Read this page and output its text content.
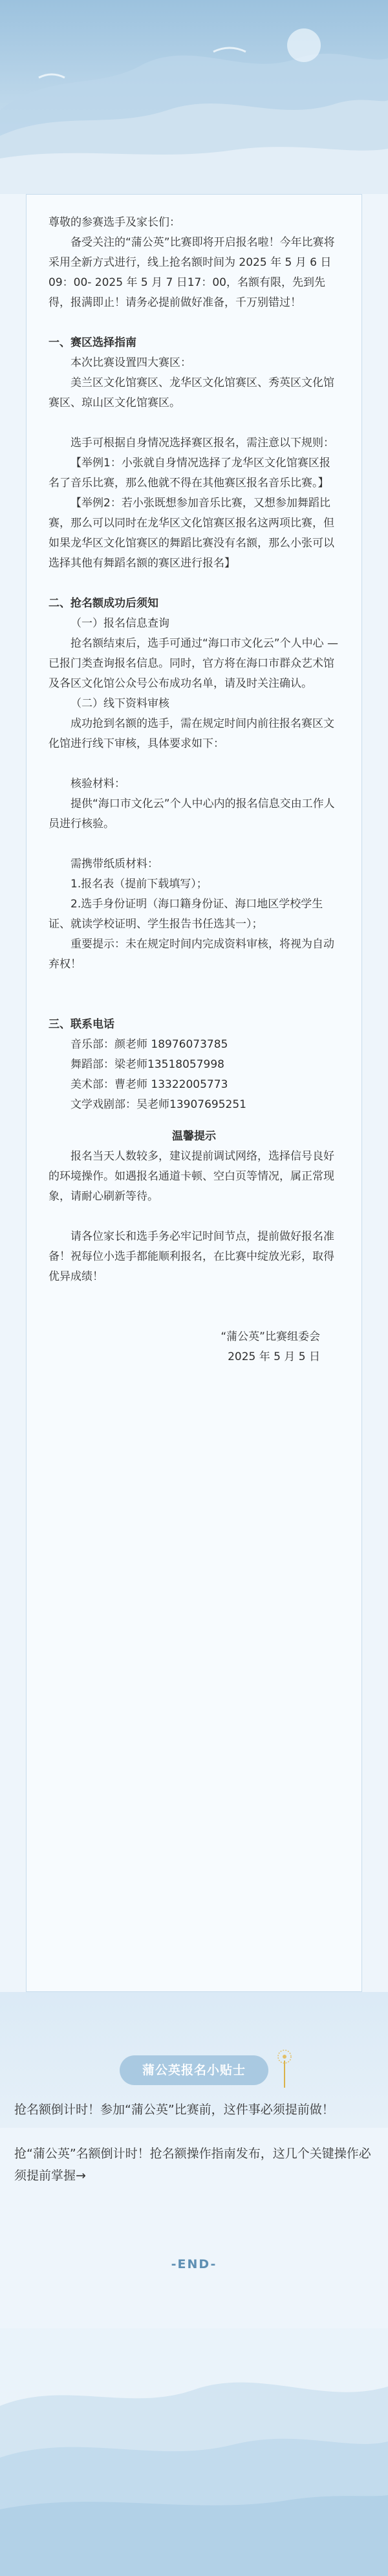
尊敬的参赛选手及家长们：

备受关注的“蒲公英”比赛即将开启报名啦！今年比赛将采用全新方式进行，线上抢名额时间为 2025 年 5 月 6 日 09：00- 2025 年 5 月 7 日17：00，名额有限，先到先得，报满即止！请务必提前做好准备，千万别错过！

一、赛区选择指南

本次比赛设置四大赛区：

美兰区文化馆赛区、龙华区文化馆赛区、秀英区文化馆赛区、琼山区文化馆赛区。

选手可根据自身情况选择赛区报名，需注意以下规则：

【举例1：小张就自身情况选择了龙华区文化馆赛区报名了音乐比赛，那么他就不得在其他赛区报名音乐比赛。】

【举例2：若小张既想参加音乐比赛，又想参加舞蹈比赛，那么可以同时在龙华区文化馆赛区报名这两项比赛，但如果龙华区文化馆赛区的舞蹈比赛没有名额，那么小张可以选择其他有舞蹈名额的赛区进行报名】

二、抢名额成功后须知

（一）报名信息查询

抢名额结束后，选手可通过“海口市文化云”个人中心 — 已报门类查询报名信息。同时，官方将在海口市群众艺术馆及各区文化馆公众号公布成功名单，请及时关注确认。

（二）线下资料审核

成功抢到名额的选手，需在规定时间内前往报名赛区文化馆进行线下审核，具体要求如下：

核验材料：

提供“海口市文化云”个人中心内的报名信息交由工作人员进行核验。

需携带纸质材料：

1.报名表（提前下载填写）；

2.选手身份证明（海口籍身份证、海口地区学校学生证、就读学校证明、学生报告书任选其一）；

重要提示：未在规定时间内完成资料审核，将视为自动弃权！

三、联系电话

音乐部：颜老师 18976073785
舞蹈部：梁老师13518057998
美术部：曹老师 13322005773
文学戏剧部：吴老师13907695251

温馨提示

报名当天人数较多，建议提前调试网络，选择信号良好的环境操作。如遇报名通道卡顿、空白页等情况，属正常现象，请耐心刷新等待。

请各位家长和选手务必牢记时间节点，提前做好报名准备！祝每位小选手都能顺利报名，在比赛中绽放光彩，取得优异成绩！

“蒲公英”比赛组委会

2025 年 5 月 5 日

蒲公英报名小贴士

抢名额倒计时！参加“蒲公英”比赛前，这件事必须提前做！

抢“蒲公英”名额倒计时！抢名额操作指南发布，这几个关键操作必须提前掌握→

-END-
